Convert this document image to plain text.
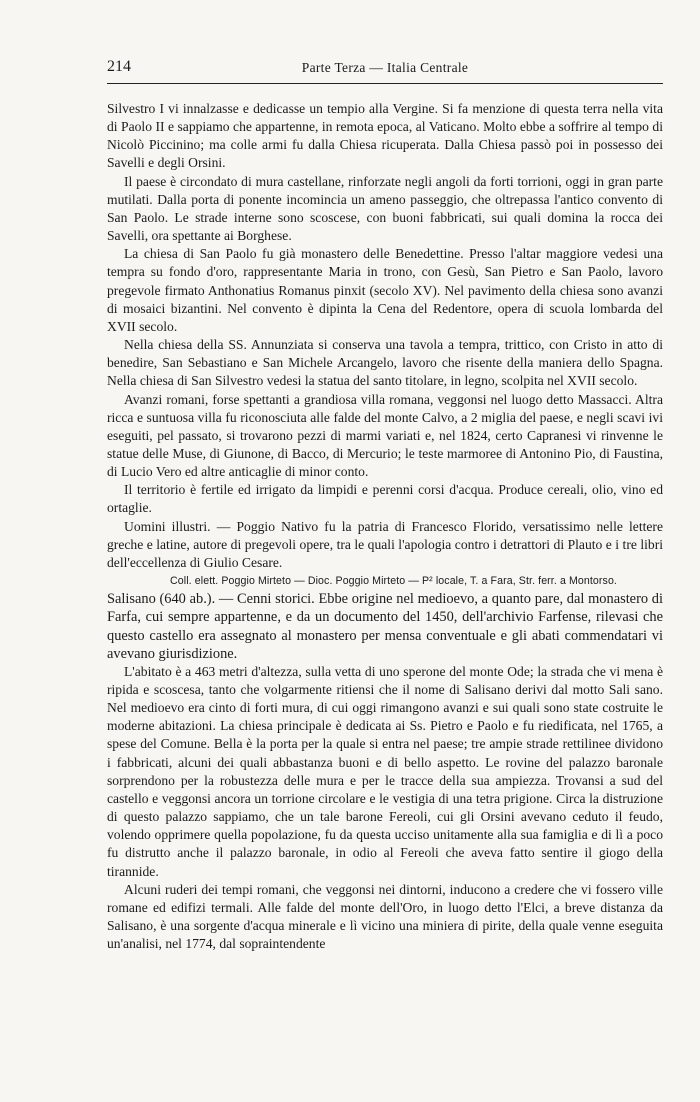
214	Parte Terza — Italia Centrale

Silvestro I vi innalzasse e dedicasse un tempio alla Vergine. Si fa menzione di questa terra nella vita di Paolo II e sappiamo che appartenne, in remota epoca, al Vaticano. Molto ebbe a soffrire al tempo di Nicolò Piccinino; ma colle armi fu dalla Chiesa ricuperata. Dalla Chiesa passò poi in possesso dei Savelli e degli Orsini.

Il paese è circondato di mura castellane, rinforzate negli angoli da forti torrioni, oggi in gran parte mutilati. Dalla porta di ponente incomincia un ameno passeggio, che oltrepassa l'antico convento di San Paolo. Le strade interne sono scoscese, con buoni fabbricati, sui quali domina la rocca dei Savelli, ora spettante ai Borghese.

La chiesa di San Paolo fu già monastero delle Benedettine. Presso l'altar maggiore vedesi una tempra su fondo d'oro, rappresentante Maria in trono, con Gesù, San Pietro e San Paolo, lavoro pregevole firmato Anthonatius Romanus pinxit (secolo XV). Nel pavimento della chiesa sono avanzi di mosaici bizantini. Nel convento è dipinta la Cena del Redentore, opera di scuola lombarda del XVII secolo.

Nella chiesa della SS. Annunziata si conserva una tavola a tempra, trittico, con Cristo in atto di benedire, San Sebastiano e San Michele Arcangelo, lavoro che risente della maniera dello Spagna. Nella chiesa di San Silvestro vedesi la statua del santo titolare, in legno, scolpita nel XVII secolo.

Avanzi romani, forse spettanti a grandiosa villa romana, veggonsi nel luogo detto Massacci. Altra ricca e suntuosa villa fu riconosciuta alle falde del monte Calvo, a 2 miglia del paese, e negli scavi ivi eseguiti, pel passato, si trovarono pezzi di marmi variati e, nel 1824, certo Capranesi vi rinvenne le statue delle Muse, di Giunone, di Bacco, di Mercurio; le teste marmoree di Antonino Pio, di Faustina, di Lucio Vero ed altre anticaglie di minor conto.

Il territorio è fertile ed irrigato da limpidi e perenni corsi d'acqua. Produce cereali, olio, vino ed ortaglie.

Uomini illustri. — Poggio Nativo fu la patria di Francesco Florido, versatissimo nelle lettere greche e latine, autore di pregevoli opere, tra le quali l'apologia contro i detrattori di Plauto e i tre libri dell'eccellenza di Giulio Cesare.

Coll. elett. Poggio Mirteto — Dioc. Poggio Mirteto — P² locale, T. a Fara, Str. ferr. a Montorso.

Salisano (640 ab.). — Cenni storici. Ebbe origine nel medioevo, a quanto pare, dal monastero di Farfa, cui sempre appartenne, e da un documento del 1450, dell'archivio Farfense, rilevasi che questo castello era assegnato al monastero per mensa conventuale e gli abati commendatari vi avevano giurisdizione.

L'abitato è a 463 metri d'altezza, sulla vetta di uno sperone del monte Ode; la strada che vi mena è ripida e scoscesa, tanto che volgarmente ritiensi che il nome di Salisano derivi dal motto Sali sano. Nel medioevo era cinto di forti mura, di cui oggi rimangono avanzi e sui quali sono state costruite le moderne abitazioni. La chiesa principale è dedicata ai Ss. Pietro e Paolo e fu riedificata, nel 1765, a spese del Comune. Bella è la porta per la quale si entra nel paese; tre ampie strade rettilinee dividono i fabbricati, alcuni dei quali abbastanza buoni e di bello aspetto. Le rovine del palazzo baronale sorprendono per la robustezza delle mura e per le tracce della sua ampiezza. Trovansi a sud del castello e veggonsi ancora un torrione circolare e le vestigia di una tetra prigione. Circa la distruzione di questo palazzo sappiamo, che un tale barone Fereoli, cui gli Orsini avevano ceduto il feudo, volendo opprimere quella popolazione, fu da questa ucciso unitamente alla sua famiglia e di lì a poco fu distrutto anche il palazzo baronale, in odio al Fereoli che aveva fatto sentire il giogo della tirannide.

Alcuni ruderi dei tempi romani, che veggonsi nei dintorni, inducono a credere che vi fossero ville romane ed edifizi termali. Alle falde del monte dell'Oro, in luogo detto l'Elci, a breve distanza da Salisano, è una sorgente d'acqua minerale e lì vicino una miniera di pirite, della quale venne eseguita un'analisi, nel 1774, dal sopraintendente
